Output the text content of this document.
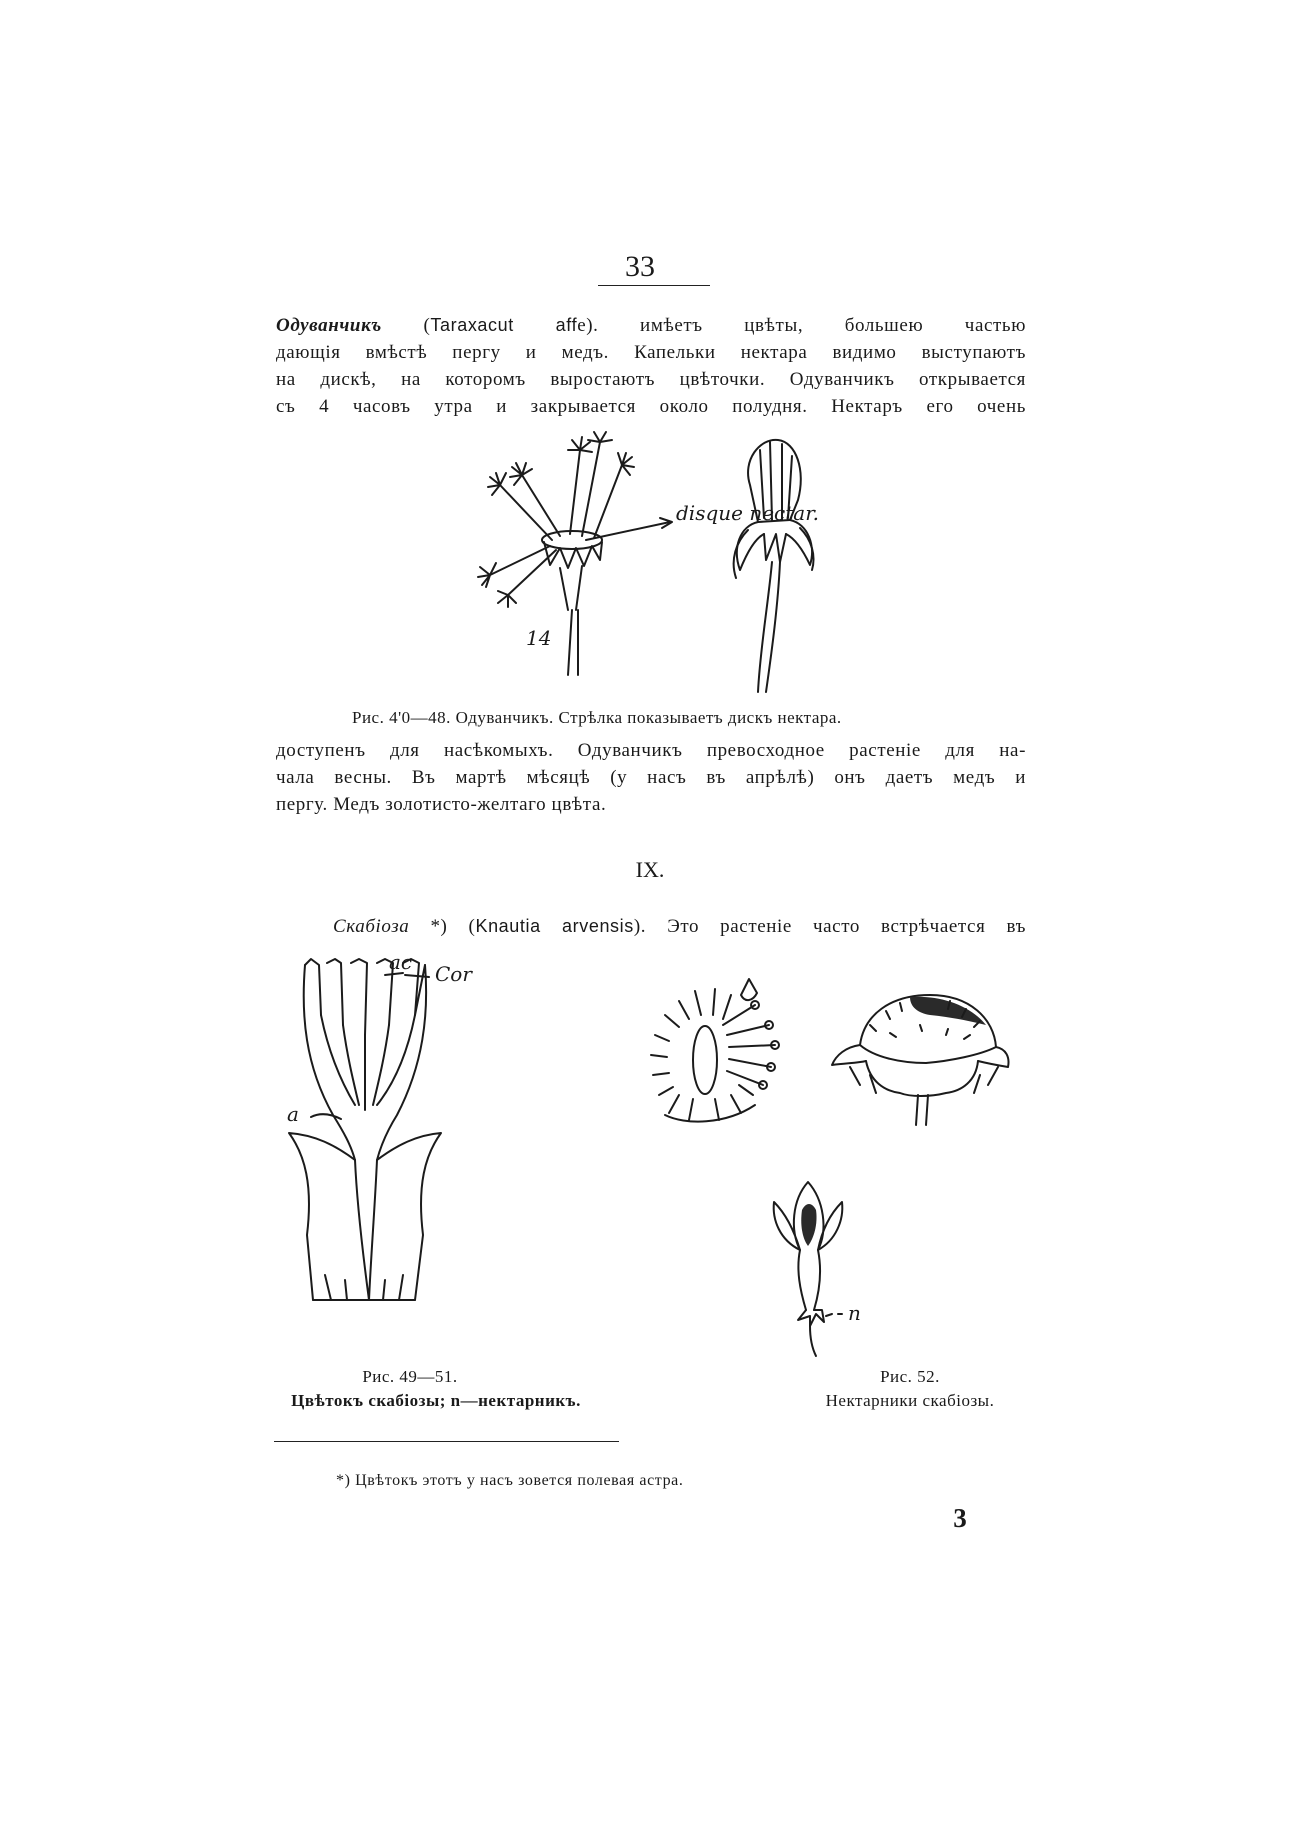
33
Одуванчикъ (Taraxacut affe). имѣетъ цвѣты, большею частью
дающія вмѣстѣ пергу и медъ. Капельки нектара видимо выступаютъ
на дискѣ, на которомъ выростаютъ цвѣточки. Одуванчикъ открывается
съ 4 часовъ утра и закрывается около полудня. Нектаръ его очень
disque nectar.
14
Рис. 4'0—48. Одуванчикъ. Стрѣлка показываетъ дискъ нектара.
доступенъ для насѣкомыхъ. Одуванчикъ превосходное растеніе для на-
чала весны. Въ мартѣ мѣсяцѣ (у насъ въ апрѣлѣ) онъ даетъ медъ и
пергу. Медъ золотисто-желтаго цвѣта.
IX.
Скабіоза *) (Knautia arvensis). Это растеніе часто встрѣчается въ
ac Cor
a
Рис. 49—51.
Цвѣтокъ скабіозы; n—нектарникъ.
n
Рис. 52.
Нектарники скабіозы.
*) Цвѣтокъ этотъ у насъ зовется полевая астра.
3
